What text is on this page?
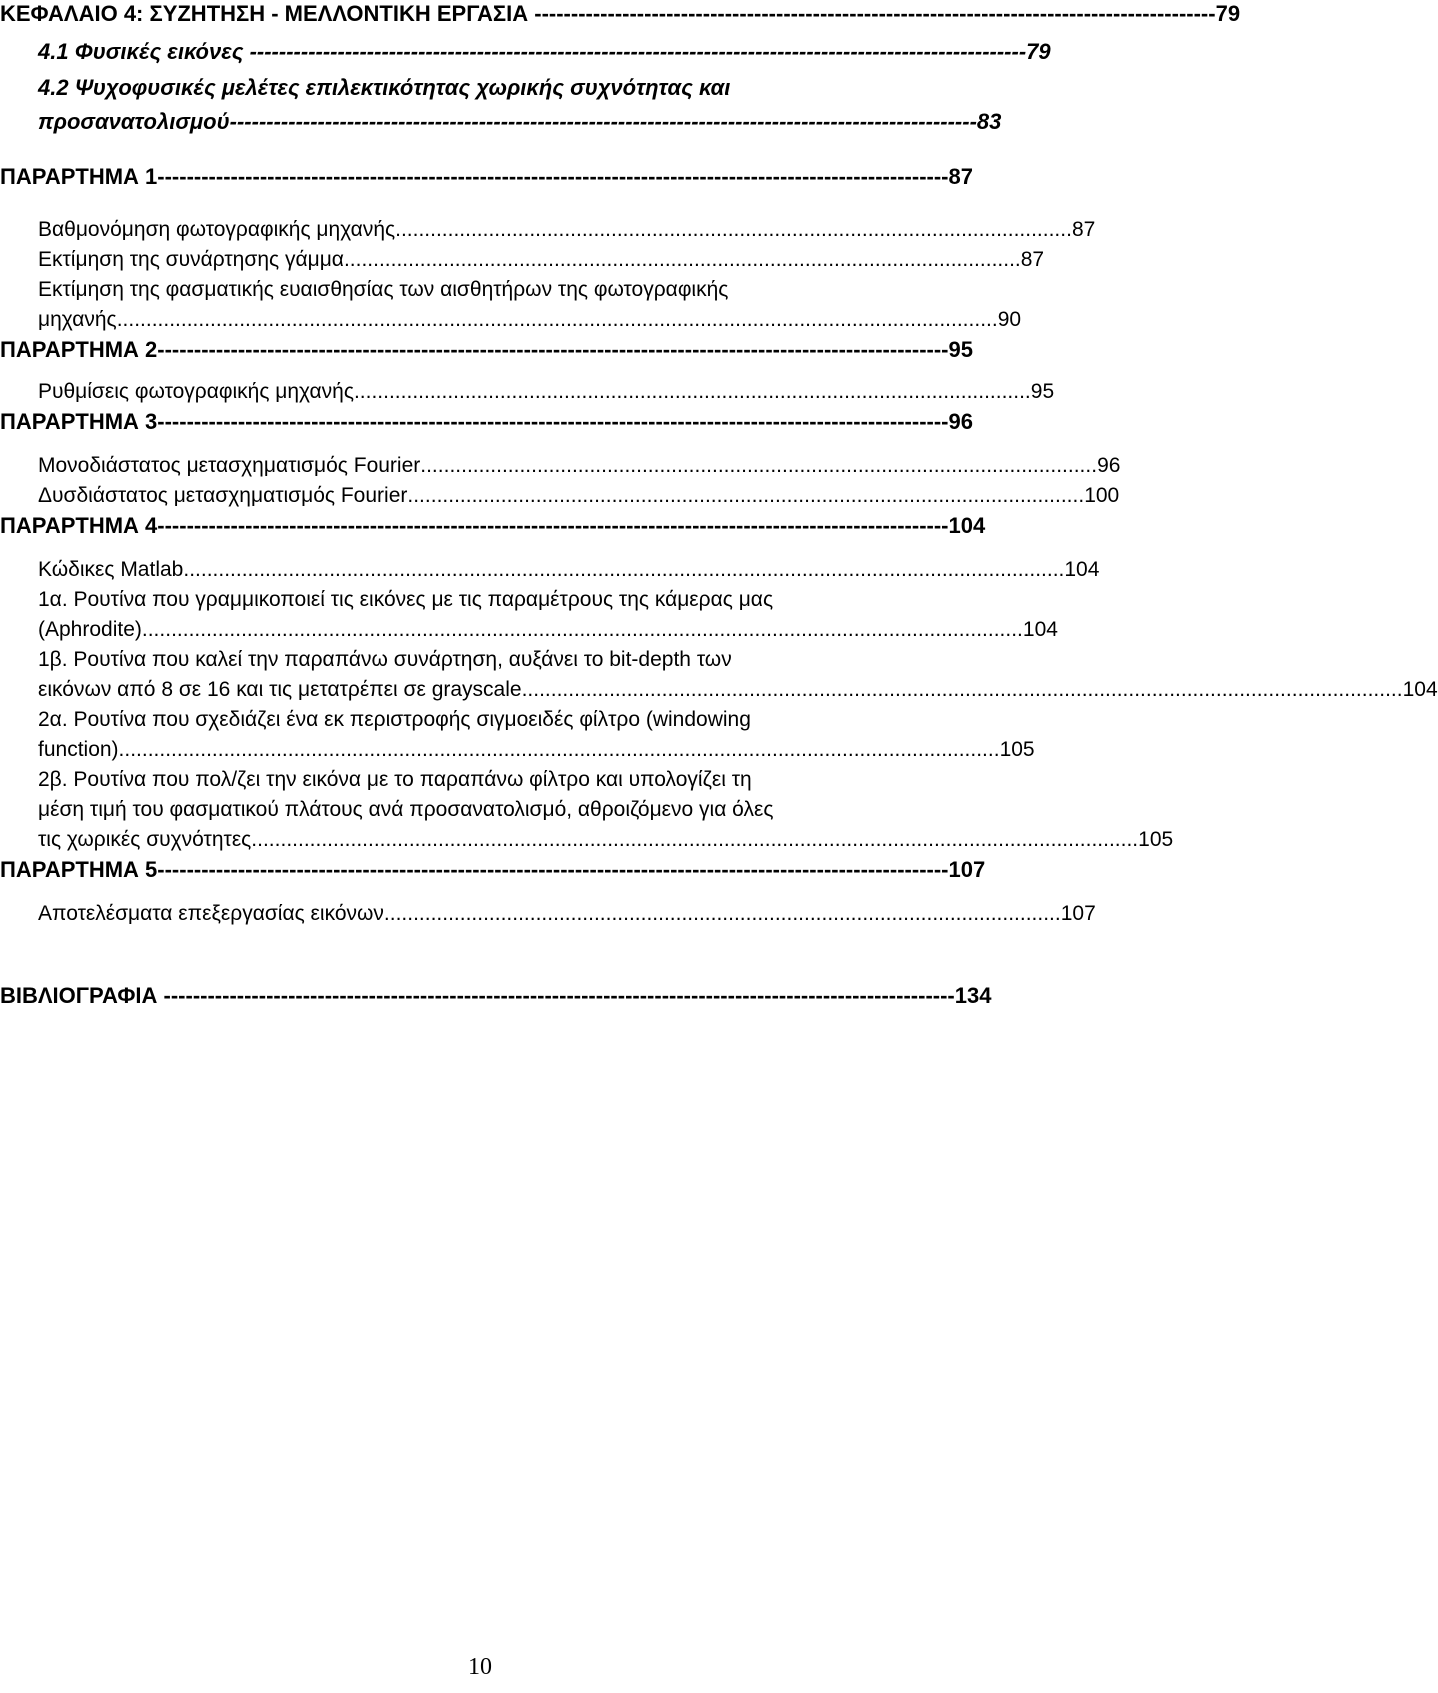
ΚΕΦΑΛΑΙΟ 4: ΣΥΖΗΤΗΣΗ - ΜΕΛΛΟΝΤΙΚΗ ΕΡΓΑΣΙΑ --------------------------------------------------------------------------------------------- 79
4.1 Φυσικές εικόνες ---------------------------------------------------------------------------------------------------------- 79
4.2 Ψυχοφυσικές μελέτες επιλεκτικότητας χωρικής συχνότητας και
προσανατολισμού ------------------------------------------------------------------------------------------------------ 83
ΠΑΡΑΡΤΗΜΑ 1 ------------------------------------------------------------------------------------------------------------ 87
Βαθμονόμηση φωτογραφικής μηχανής .................................................................................................................... 87
Εκτίμηση της συνάρτησης γάμμα .................................................................................................................... 87
Εκτίμηση της φασματικής ευαισθησίας των αισθητήρων της φωτογραφικής
μηχανής ....................................................................................................................................................... 90
ΠΑΡΑΡΤΗΜΑ 2 ------------------------------------------------------------------------------------------------------------ 95
Ρυθμίσεις φωτογραφικής μηχανής .................................................................................................................... 95
ΠΑΡΑΡΤΗΜΑ 3 ------------------------------------------------------------------------------------------------------------ 96
Μονοδιάστατος μετασχηματισμός Fourier .................................................................................................................... 96
Δυσδιάστατος μετασχηματισμός Fourier .................................................................................................................... 100
ΠΑΡΑΡΤΗΜΑ 4 ------------------------------------------------------------------------------------------------------------ 104
Κώδικες Matlab ....................................................................................................................................................... 104
1α. Ρουτίνα που γραμμικοποιεί τις εικόνες με τις παραμέτρους της κάμερας μας
(Aphrodite) ....................................................................................................................................................... 104
1β. Ρουτίνα που καλεί την παραπάνω συνάρτηση, αυξάνει το bit-depth των
εικόνων από 8 σε 16 και τις μετατρέπει σε grayscale ....................................................................................................................................................... 104
2α. Ρουτίνα που σχεδιάζει ένα εκ περιστροφής σιγμοειδές φίλτρο (windowing
function) ....................................................................................................................................................... 105
2β. Ρουτίνα που πολ/ζει την εικόνα με το παραπάνω φίλτρο και υπολογίζει τη
μέση τιμή του φασματικού πλάτους ανά προσανατολισμό, αθροιζόμενο για όλες
τις χωρικές συχνότητες. ....................................................................................................................................................... 105
ΠΑΡΑΡΤΗΜΑ 5 ------------------------------------------------------------------------------------------------------------ 107
Αποτελέσματα επεξεργασίας εικόνων .................................................................................................................... 107
ΒΙΒΛΙΟΓΡΑΦΙΑ ------------------------------------------------------------------------------------------------------------ 134
10
